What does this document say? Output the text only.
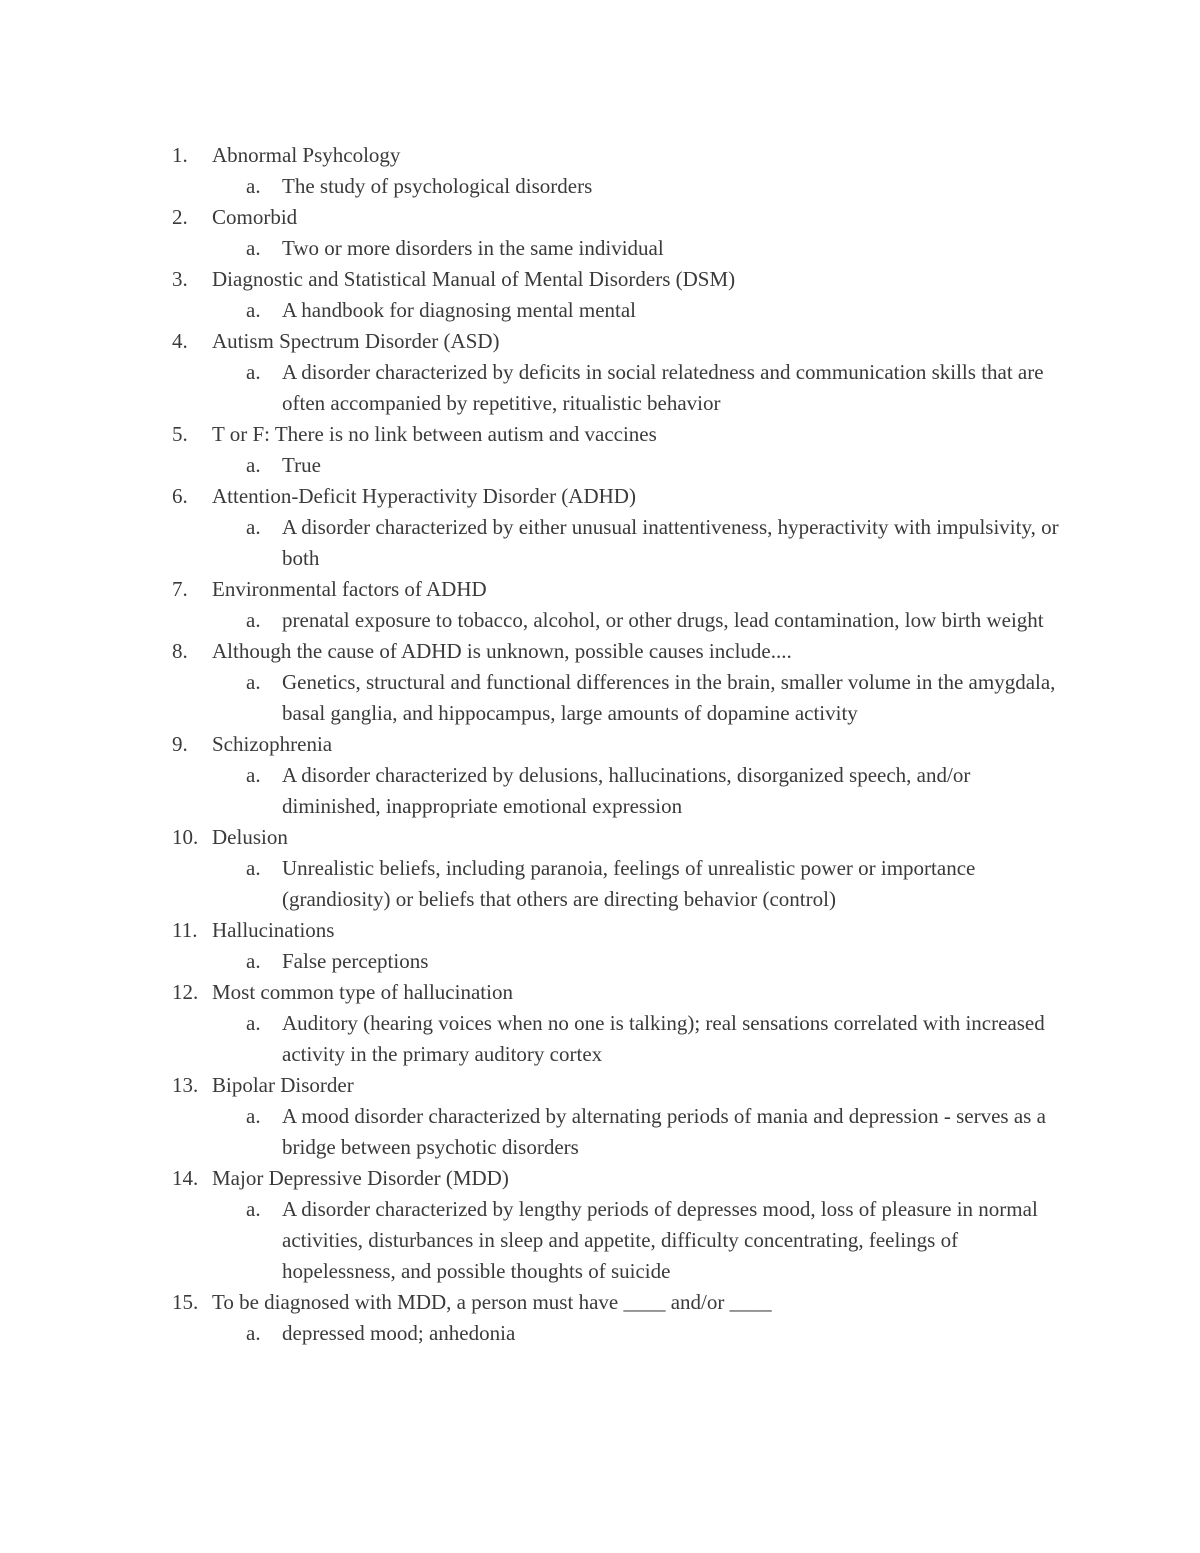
1.	Abnormal Psyhcology
a.	The study of psychological disorders
2.	Comorbid
a.	Two or more disorders in the same individual
3.	Diagnostic and Statistical Manual of Mental Disorders (DSM)
a.	A handbook for diagnosing mental mental
4.	Autism Spectrum Disorder (ASD)
a.	A disorder characterized by deficits in social relatedness and communication skills that are often accompanied by repetitive, ritualistic behavior
5.	T or F: There is no link between autism and vaccines
a.	True
6.	Attention-Deficit Hyperactivity Disorder (ADHD)
a.	A disorder characterized by either unusual inattentiveness, hyperactivity with impulsivity, or both
7.	Environmental factors of ADHD
a.	prenatal exposure to tobacco, alcohol, or other drugs, lead contamination, low birth weight
8.	Although the cause of ADHD is unknown, possible causes include....
a.	Genetics, structural and functional differences in the brain, smaller volume in the amygdala, basal ganglia, and hippocampus, large amounts of dopamine activity
9.	Schizophrenia
a.	A disorder characterized by delusions, hallucinations, disorganized speech, and/or diminished, inappropriate emotional expression
10. Delusion
a.	Unrealistic beliefs, including paranoia, feelings of unrealistic power or importance (grandiosity) or beliefs that others are directing behavior (control)
11. Hallucinations
a.	False perceptions
12. Most common type of hallucination
a.	Auditory (hearing voices when no one is talking); real sensations correlated with increased activity in the primary auditory cortex
13. Bipolar Disorder
a.	A mood disorder characterized by alternating periods of mania and depression - serves as a bridge between psychotic disorders
14. Major Depressive Disorder (MDD)
a.	A disorder characterized by lengthy periods of depresses mood, loss of pleasure in normal activities, disturbances in sleep and appetite, difficulty concentrating, feelings of hopelessness, and possible thoughts of suicide
15. To be diagnosed with MDD, a person must have ____ and/or ____
a.	depressed mood; anhedonia
